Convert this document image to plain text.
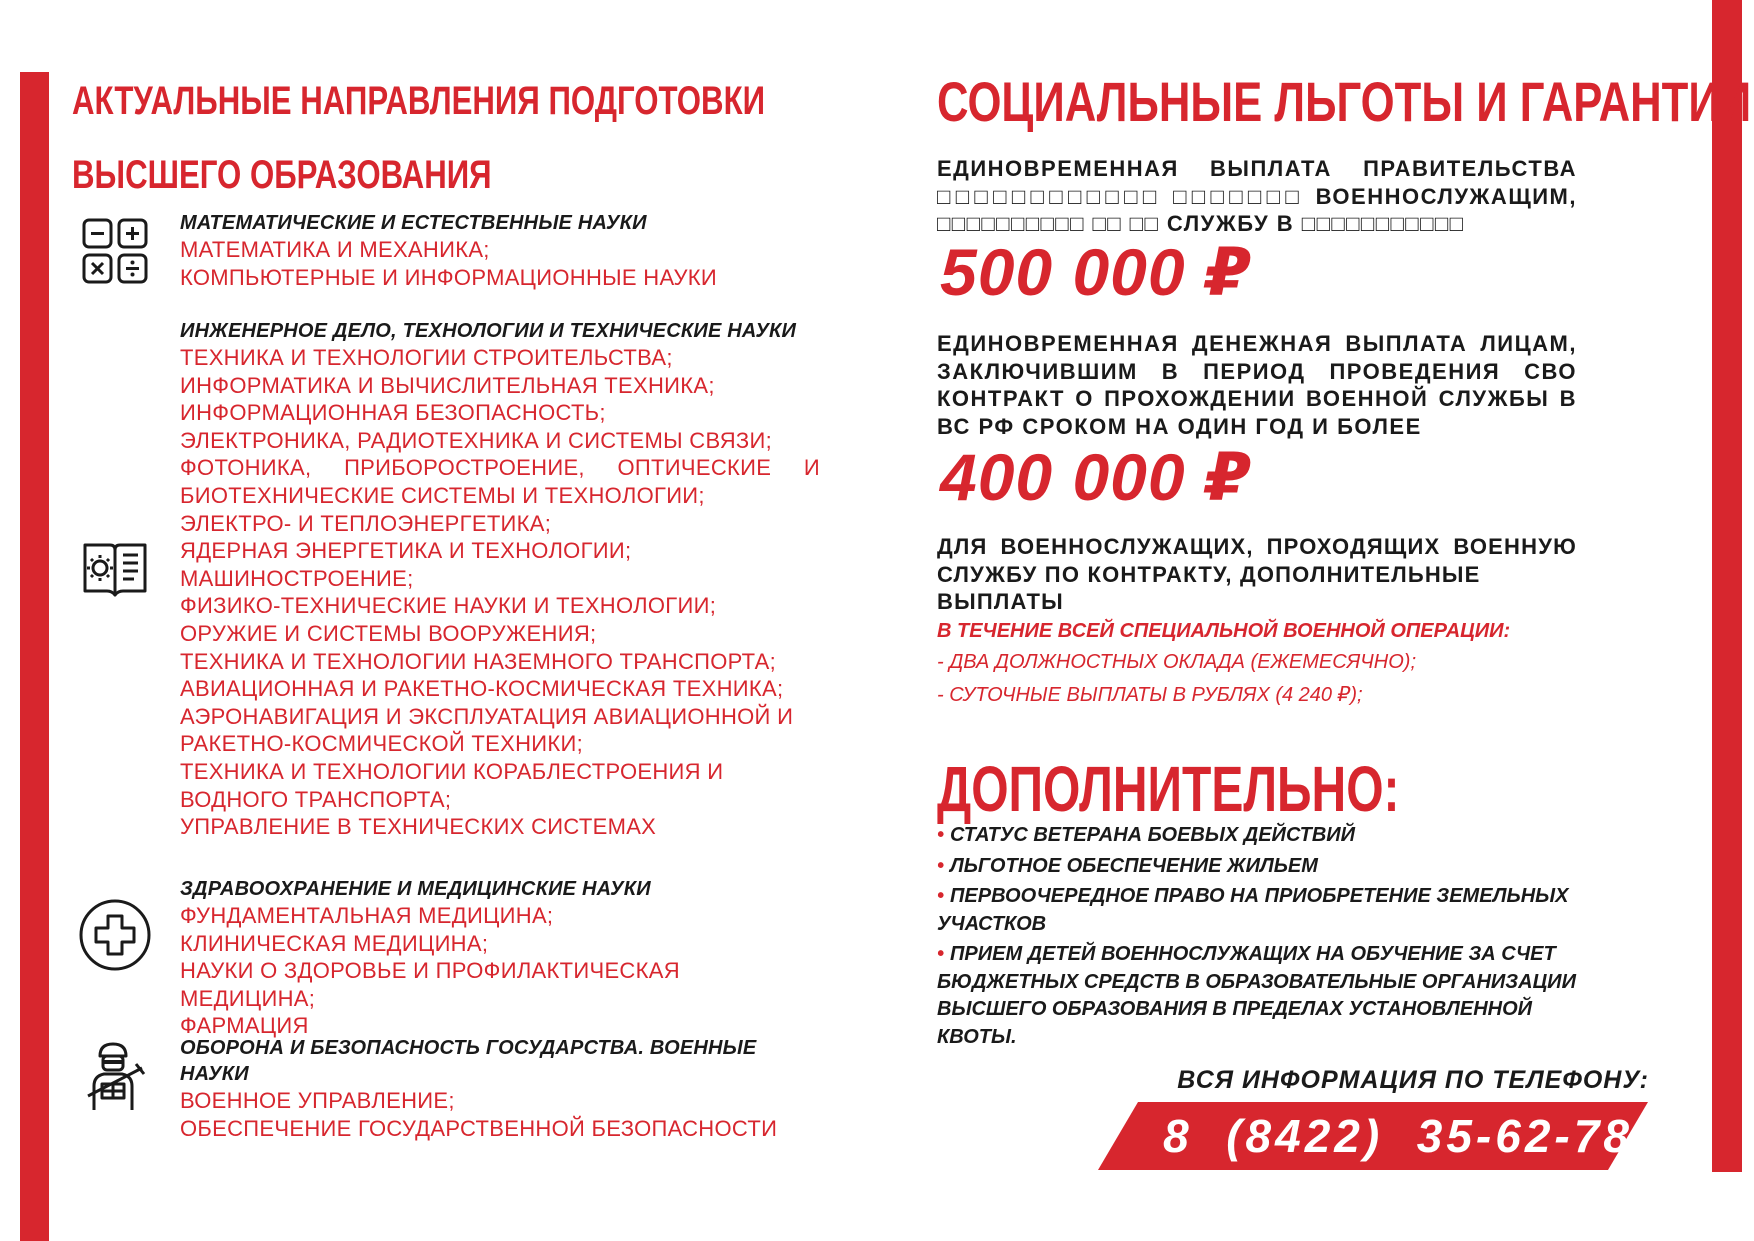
АКТУАЛЬНЫЕ НАПРАВЛЕНИЯ ПОДГОТОВКИ
ВЫСШЕГО ОБРАЗОВАНИЯ
МАТЕМАТИЧЕСКИЕ И ЕСТЕСТВЕННЫЕ НАУКИ
МАТЕМАТИКА И МЕХАНИКА;
КОМПЬЮТЕРНЫЕ И ИНФОРМАЦИОННЫЕ НАУКИ
ИНЖЕНЕРНОЕ ДЕЛО, ТЕХНОЛОГИИ И ТЕХНИЧЕСКИЕ НАУКИ
ТЕХНИКА И ТЕХНОЛОГИИ СТРОИТЕЛЬСТВА;
ИНФОРМАТИКА И ВЫЧИСЛИТЕЛЬНАЯ ТЕХНИКА;
ИНФОРМАЦИОННАЯ БЕЗОПАСНОСТЬ;
ЭЛЕКТРОНИКА, РАДИОТЕХНИКА И СИСТЕМЫ СВЯЗИ;
ФОТОНИКА, ПРИБОРОСТРОЕНИЕ, ОПТИЧЕСКИЕ И БИОТЕХНИЧЕСКИЕ СИСТЕМЫ И ТЕХНОЛОГИИ;
ЭЛЕКТРО- И ТЕПЛОЭНЕРГЕТИКА;
ЯДЕРНАЯ ЭНЕРГЕТИКА И ТЕХНОЛОГИИ;
МАШИНОСТРОЕНИЕ;
ФИЗИКО-ТЕХНИЧЕСКИЕ НАУКИ И ТЕХНОЛОГИИ;
ОРУЖИЕ И СИСТЕМЫ ВООРУЖЕНИЯ;
ТЕХНИКА И ТЕХНОЛОГИИ НАЗЕМНОГО ТРАНСПОРТА;
АВИАЦИОННАЯ И РАКЕТНО-КОСМИЧЕСКАЯ ТЕХНИКА;
АЭРОНАВИГАЦИЯ И ЭКСПЛУАТАЦИЯ АВИАЦИОННОЙ И РАКЕТНО-КОСМИЧЕСКОЙ ТЕХНИКИ;
ТЕХНИКА И ТЕХНОЛОГИИ КОРАБЛЕСТРОЕНИЯ И ВОДНОГО ТРАНСПОРТА;
УПРАВЛЕНИЕ В ТЕХНИЧЕСКИХ СИСТЕМАХ
ЗДРАВООХРАНЕНИЕ И МЕДИЦИНСКИЕ НАУКИ
ФУНДАМЕНТАЛЬНАЯ МЕДИЦИНА;
КЛИНИЧЕСКАЯ МЕДИЦИНА;
НАУКИ О ЗДОРОВЬЕ И ПРОФИЛАКТИЧЕСКАЯ МЕДИЦИНА;
ФАРМАЦИЯ
ОБОРОНА И БЕЗОПАСНОСТЬ ГОСУДАРСТВА. ВОЕННЫЕ НАУКИ
ВОЕННОЕ УПРАВЛЕНИЕ;
ОБЕСПЕЧЕНИЕ ГОСУДАРСТВЕННОЙ БЕЗОПАСНОСТИ
СОЦИАЛЬНЫЕ ЛЬГОТЫ И ГАРАНТИИ
ЕДИНОВРЕМЕННАЯ ВЫПЛАТА ПРАВИТЕЛЬСТВА
□□□□□□□□□□□□ □□□□□□□ ВОЕННОСЛУЖАЩИМ,
□□□□□□□□□□ □□ □□ СЛУЖБУ В □□□□□□□□□□□
500 000 ₽
ЕДИНОВРЕМЕННАЯ ДЕНЕЖНАЯ ВЫПЛАТА ЛИЦАМ,
ЗАКЛЮЧИВШИМ В ПЕРИОД ПРОВЕДЕНИЯ СВО
КОНТРАКТ О ПРОХОЖДЕНИИ ВОЕННОЙ СЛУЖБЫ В
ВС РФ СРОКОМ НА ОДИН ГОД И БОЛЕЕ
400 000 ₽
ДЛЯ ВОЕННОСЛУЖАЩИХ, ПРОХОДЯЩИХ ВОЕННУЮ
СЛУЖБУ ПО КОНТРАКТУ, ДОПОЛНИТЕЛЬНЫЕ ВЫПЛАТЫ
В ТЕЧЕНИЕ ВСЕЙ СПЕЦИАЛЬНОЙ ВОЕННОЙ ОПЕРАЦИИ:
- ДВА ДОЛЖНОСТНЫХ ОКЛАДА (ЕЖЕМЕСЯЧНО);
- СУТОЧНЫЕ ВЫПЛАТЫ В РУБЛЯХ (4 240 ₽);
ДОПОЛНИТЕЛЬНО:
• СТАТУС ВЕТЕРАНА БОЕВЫХ ДЕЙСТВИЙ
• ЛЬГОТНОЕ ОБЕСПЕЧЕНИЕ ЖИЛЬЕМ
• ПЕРВООЧЕРЕДНОЕ ПРАВО НА ПРИОБРЕТЕНИЕ ЗЕМЕЛЬНЫХ УЧАСТКОВ
• ПРИЕМ ДЕТЕЙ ВОЕННОСЛУЖАЩИХ НА ОБУЧЕНИЕ ЗА СЧЕТ БЮДЖЕТНЫХ СРЕДСТВ В ОБРАЗОВАТЕЛЬНЫЕ ОРГАНИЗАЦИИ ВЫСШЕГО ОБРАЗОВАНИЯ В ПРЕДЕЛАХ УСТАНОВЛЕННОЙ КВОТЫ.
ВСЯ ИНФОРМАЦИЯ ПО ТЕЛЕФОНУ:
8  (8422)  35-62-78
